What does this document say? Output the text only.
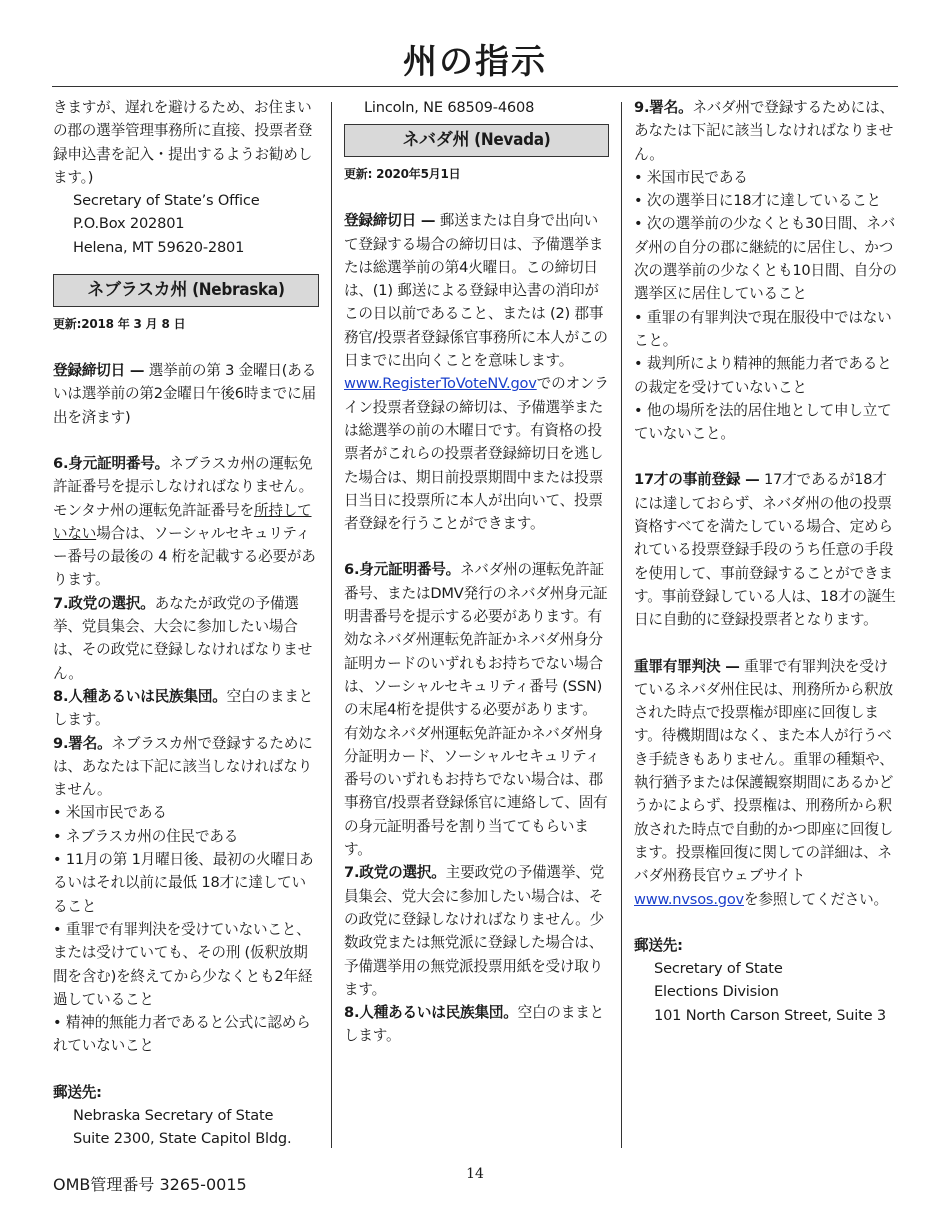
州の指示

きますが、遅れを避けるため、お住まいの郡の選挙管理事務所に直接、投票者登録申込書を記入・提出するようお勧めします。)

Secretary of State’s Office

P.O.Box 202801

Helena, MT 59620-2801

ネブラスカ州 (Nebraska)

更新:2018 年 3 月 8 日

登録締切日 — 選挙前の第 3 金曜日(あるいは選挙前の第2金曜日午後6時までに届出を済ます)

6.身元証明番号。ネブラスカ州の運転免許証番号を提示しなければなりません。モンタナ州の運転免許証番号を所持していない場合は、ソーシャルセキュリティー番号の最後の 4 桁を記載する必要があります。

7.政党の選択。あなたが政党の予備選挙、党員集会、大会に参加したい場合は、その政党に登録しなければなりません。

8.人種あるいは民族集団。空白のままとします。

9.署名。ネブラスカ州で登録するためには、あなたは下記に該当しなければなりません。

• 米国市民である

• ネブラスカ州の住民である

• 11月の第 1月曜日後、最初の火曜日あるいはそれ以前に最低 18才に達していること

• 重罪で有罪判決を受けていないこと、または受けていても、その刑 (仮釈放期間を含む)を終えてから少なくとも2年経過していること

• 精神的無能力者であると公式に認められていないこと

郵送先:

Nebraska Secretary of State

Suite 2300, State Capitol Bldg.

Lincoln, NE 68509-4608

ネバダ州 (Nevada)

更新: 2020年5月1日

登録締切日 — 郵送または自身で出向いて登録する場合の締切日は、予備選挙または総選挙前の第4火曜日。この締切日は、(1) 郵送による登録申込書の消印がこの日以前であること、または (2) 郡事務官/投票者登録係官事務所に本人がこの日までに出向くことを意味します。www.RegisterToVoteNV.govでのオンライン投票者登録の締切は、予備選挙または総選挙の前の木曜日です。有資格の投票者がこれらの投票者登録締切日を逃した場合は、期日前投票期間中または投票日当日に投票所に本人が出向いて、投票者登録を行うことができます。

6.身元証明番号。ネバダ州の運転免許証番号、またはDMV発行のネバダ州身元証明書番号を提示する必要があります。有効なネバダ州運転免許証かネバダ州身分証明カードのいずれもお持ちでない場合は、ソーシャルセキュリティ番号 (SSN) の末尾4桁を提供する必要があります。有効なネバダ州運転免許証かネバダ州身分証明カード、ソーシャルセキュリティ番号のいずれもお持ちでない場合は、郡事務官/投票者登録係官に連絡して、固有の身元証明番号を割り当ててもらいます。

7.政党の選択。主要政党の予備選挙、党員集会、党大会に参加したい場合は、その政党に登録しなければなりません。少数政党または無党派に登録した場合は、予備選挙用の無党派投票用紙を受け取ります。

8.人種あるいは民族集団。空白のままとします。

9.署名。ネバダ州で登録するためには、あなたは下記に該当しなければなりません。

• 米国市民である

• 次の選挙日に18才に達していること

• 次の選挙前の少なくとも30日間、ネバダ州の自分の郡に継続的に居住し、かつ次の選挙前の少なくとも10日間、自分の選挙区に居住していること

• 重罪の有罪判決で現在服役中ではないこと。

• 裁判所により精神的無能力者であるとの裁定を受けていないこと

• 他の場所を法的居住地として申し立てていないこと。

17才の事前登録 — 17才であるが18才には達しておらず、ネバダ州の他の投票資格すべてを満たしている場合、定められている投票登録手段のうち任意の手段を使用して、事前登録することができます。事前登録している人は、18才の誕生日に自動的に登録投票者となります。

重罪有罪判決 — 重罪で有罪判決を受けているネバダ州住民は、刑務所から釈放された時点で投票権が即座に回復します。待機期間はなく、また本人が行うべき手続きもありません。重罪の種類や、執行猶予または保護観察期間にあるかどうかによらず、投票権は、刑務所から釈放された時点で自動的かつ即座に回復します。投票権回復に関しての詳細は、ネバダ州務長官ウェブサイトwww.nvsos.govを参照してください。

郵送先:

Secretary of State

Elections Division

101 North Carson Street, Suite 3

OMB管理番号 3265-0015
14
